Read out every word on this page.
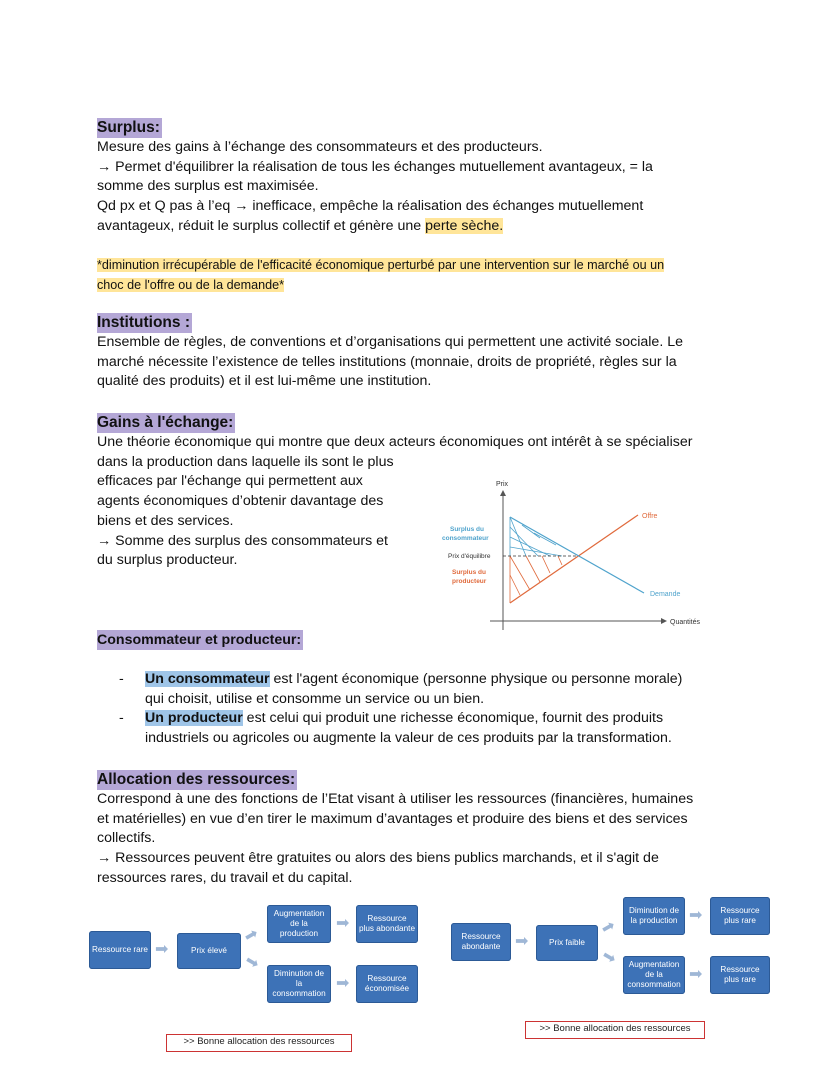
Surplus:

Mesure des gains à l’échange des consommateurs et des producteurs.

→ Permet d'équilibrer la réalisation de tous les échanges mutuellement avantageux, = la

somme des surplus est maximisée.

Qd px et Q pas à l’eq → inefficace, empêche la réalisation des échanges mutuellement

avantageux, réduit le surplus collectif et génère une perte sèche.

*diminution irrécupérable de l'efficacité économique perturbé par une intervention sur le marché ou un
choc de l'offre ou de la demande*
Institutions :

Ensemble de règles, de conventions et d’organisations qui permettent une activité sociale. Le

marché nécessite l’existence de telles institutions (monnaie, droits de propriété, règles sur la

qualité des produits) et il est lui-même une institution.

Gains à l'échange:

Une théorie économique qui montre que deux acteurs économiques ont intérêt à se spécialiser

dans la production dans laquelle ils sont le plus

efficaces par l'échange qui permettent aux

agents économiques d’obtenir davantage des

biens et des services.

→ Somme des surplus des consommateurs et

du surplus producteur.

Prix
Quantités
Offre
Demande
Prix d'équilibre
Surplus du consommateur
Surplus du producteur
Consommateur et producteur:
- Un consommateur est l'agent économique (personne physique ou personne morale)
qui choisit, utilise et consomme un service ou un bien.
- Un producteur est celui qui produit une richesse économique, fournit des produits
industriels ou agricoles ou augmente la valeur de ces produits par la transformation.
Allocation des ressources:

Correspond à une des fonctions de l’Etat visant à utiliser les ressources (financières, humaines

et matérielles) en vue d’en tirer le maximum d’avantages et produire des biens et des services

collectifs.

→ Ressources peuvent être gratuites ou alors des biens publics marchands, et il s'agit de

ressources rares, du travail et du capital.

Ressource rare ➡	Prix élevé
➡
➡
Augmentation de la production
➡	Ressource plus abondante
Diminution de la consommation
➡	Ressource économisée
>> Bonne allocation des ressources
Ressource abondante ➡	Prix faible
➡
➡
Diminution de la production ➡	Ressource plus rare
Augmentation de la consommation
➡	Ressource plus rare
>> Bonne allocation des ressources
